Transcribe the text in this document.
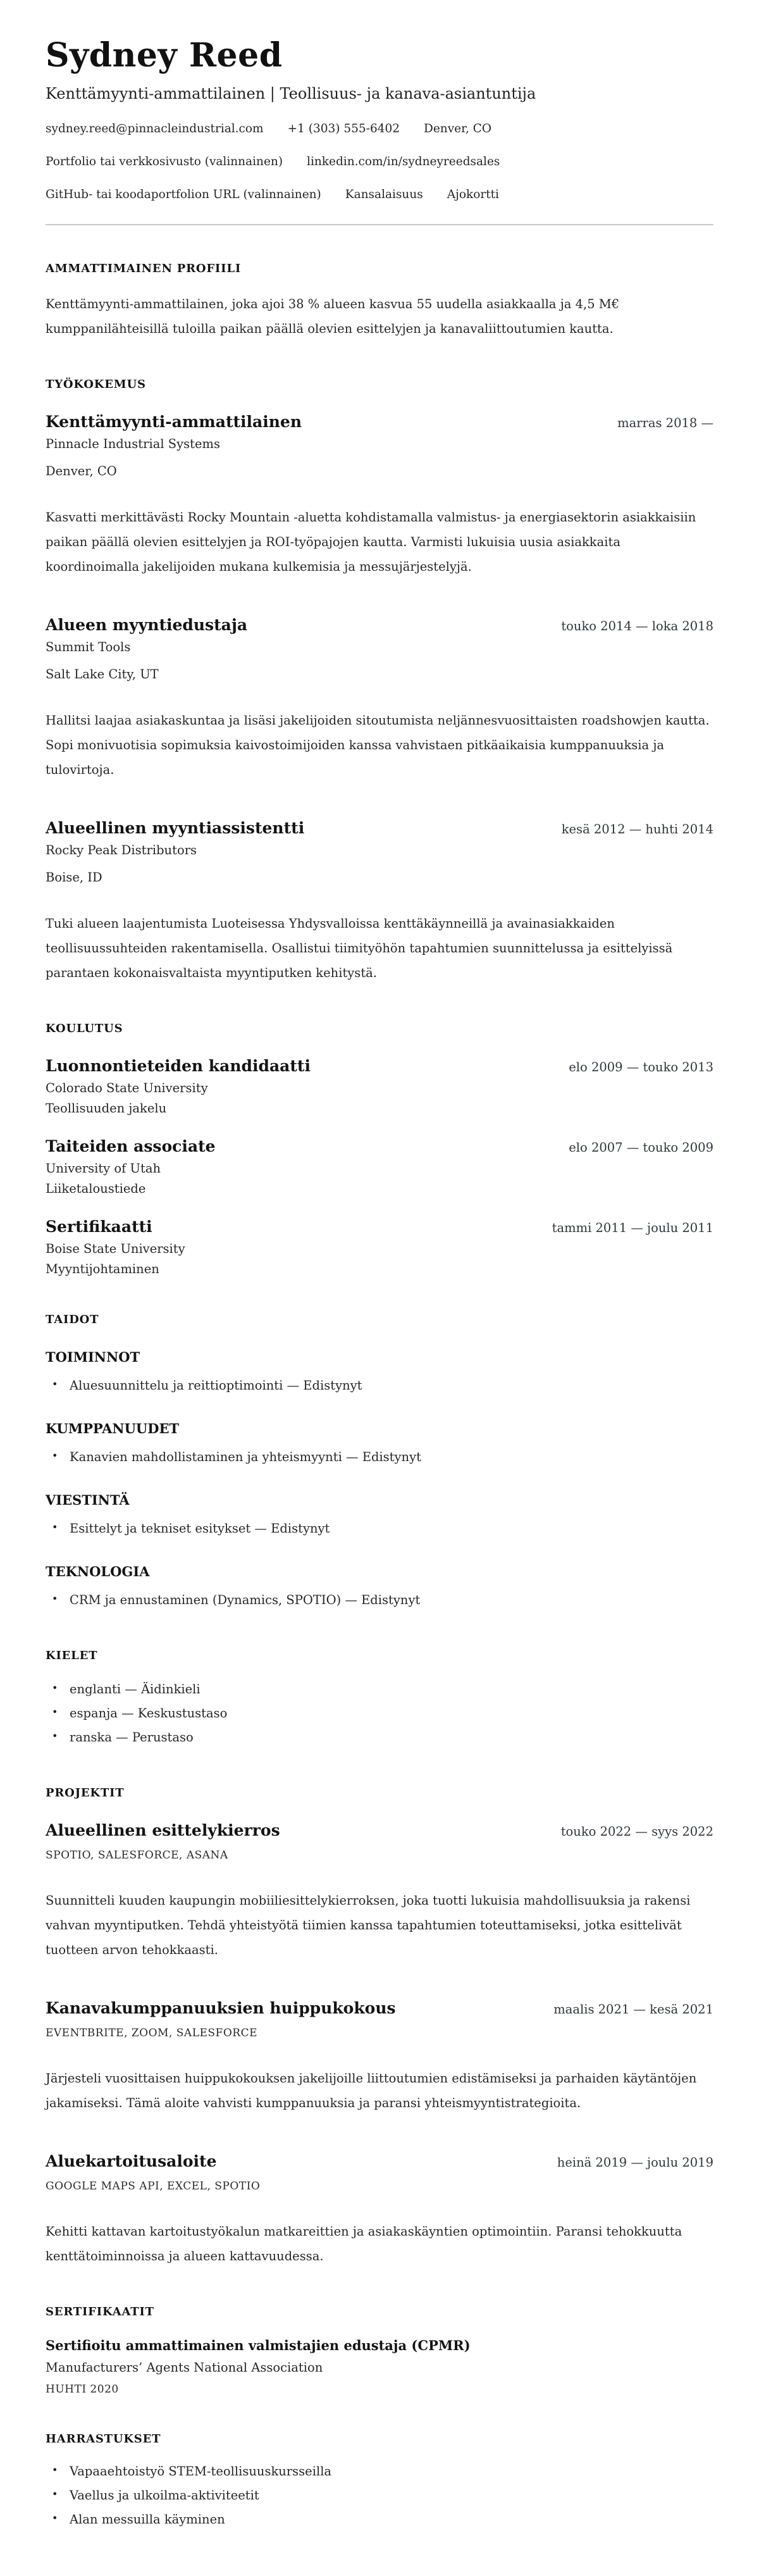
Sydney Reed
Kenttämyynti-ammattilainen | Teollisuus- ja kanava-asiantuntija
sydney.reed@pinnacleindustrial.com +1 (303) 555-6402 Denver, CO
Portfolio tai verkkosivusto (valinnainen) linkedin.com/in/sydneyreedsales
GitHub- tai koodaportfolion URL (valinnainen) Kansalaisuus Ajokortti
AMMATTIMAINEN PROFIILI

Kenttämyynti-ammattilainen, joka ajoi 38 % alueen kasvua 55 uudella asiakkaalla ja 4,5 M€ kumppanilähteisillä tuloilla paikan päällä olevien esittelyjen ja kanavaliittoutumien kautta.

TYÖKOKEMUS
Kenttämyynti-ammattilainen	marras 2018 —
Pinnacle Industrial Systems
Denver, CO

Kasvatti merkittävästi Rocky Mountain -aluetta kohdistamalla valmistus- ja energiasektorin asiakkaisiin paikan päällä olevien esittelyjen ja ROI-työpajojen kautta. Varmisti lukuisia uusia asiakkaita koordinoimalla jakelijoiden mukana kulkemisia ja messujärjestelyjä.

Alueen myyntiedustaja	touko 2014 — loka 2018
Summit Tools
Salt Lake City, UT

Hallitsi laajaa asiakaskuntaa ja lisäsi jakelijoiden sitoutumista neljännesvuosittaisten roadshowjen kautta. Sopi monivuotisia sopimuksia kaivostoimijoiden kanssa vahvistaen pitkäaikaisia kumppanuuksia ja tulovirtoja.

Alueellinen myyntiassistentti	kesä 2012 — huhti 2014
Rocky Peak Distributors
Boise, ID

Tuki alueen laajentumista Luoteisessa Yhdysvalloissa kenttäkäynneillä ja avainasiakkaiden teollisuussuhteiden rakentamisella. Osallistui tiimityöhön tapahtumien suunnittelussa ja esittelyissä parantaen kokonaisvaltaista myyntiputken kehitystä.

KOULUTUS
Luonnontieteiden kandidaatti	elo 2009 — touko 2013
Colorado State University
Teollisuuden jakelu
Taiteiden associate	elo 2007 — touko 2009
University of Utah
Liiketaloustiede
Sertifikaatti	tammi 2011 — joulu 2011
Boise State University
Myyntijohtaminen
TAIDOT
TOIMINNOT
• Aluesuunnittelu ja reittioptimointi — Edistynyt
KUMPPANUUDET
• Kanavien mahdollistaminen ja yhteismyynti — Edistynyt
VIESTINTÄ
• Esittelyt ja tekniset esitykset — Edistynyt
TEKNOLOGIA
• CRM ja ennustaminen (Dynamics, SPOTIO) — Edistynyt
KIELET
• englanti — Äidinkieli
• espanja — Keskustustaso
• ranska — Perustaso
PROJEKTIT
Alueellinen esittelykierros	touko 2022 — syys 2022
SPOTIO, SALESFORCE, ASANA

Suunnitteli kuuden kaupungin mobiiliesittelykierroksen, joka tuotti lukuisia mahdollisuuksia ja rakensi vahvan myyntiputken. Tehdä yhteistyötä tiimien kanssa tapahtumien toteuttamiseksi, jotka esittelivät tuotteen arvon tehokkaasti.

Kanavakumppanuuksien huippukokous	maalis 2021 — kesä 2021
EVENTBRITE, ZOOM, SALESFORCE

Järjesteli vuosittaisen huippukokouksen jakelijoille liittoutumien edistämiseksi ja parhaiden käytäntöjen jakamiseksi. Tämä aloite vahvisti kumppanuuksia ja paransi yhteismyyntistrategioita.

Aluekartoitusaloite	heinä 2019 — joulu 2019
GOOGLE MAPS API, EXCEL, SPOTIO

Kehitti kattavan kartoitustyökalun matkareittien ja asiakaskäyntien optimointiin. Paransi tehokkuutta kenttätoiminnoissa ja alueen kattavuudessa.

SERTIFIKAATIT
Sertifioitu ammattimainen valmistajien edustaja (CPMR)
Manufacturers’ Agents National Association
HUHTI 2020
HARRASTUKSET
• Vapaaehtoistyö STEM-teollisuuskursseilla
• Vaellus ja ulkoilma-aktiviteetit
• Alan messuilla käyminen
